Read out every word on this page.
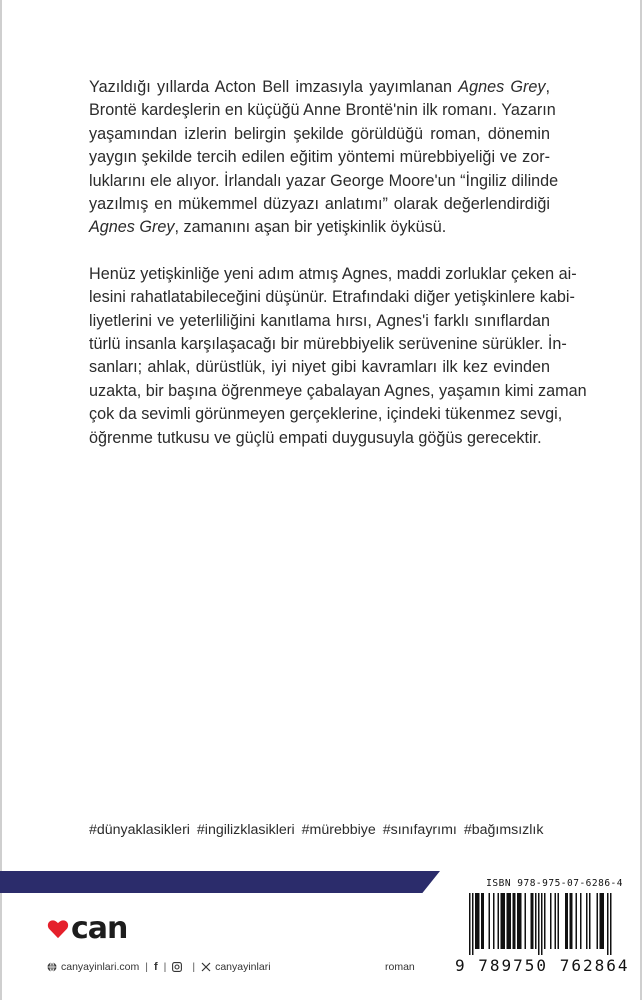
Yazıldığı yıllarda Acton Bell imzasıyla yayımlanan Agnes Grey,
Brontë kardeşlerin en küçüğü Anne Brontë'nin ilk romanı. Yazarın
yaşamından izlerin belirgin şekilde görüldüğü roman, dönemin
yaygın şekilde tercih edilen eğitim yöntemi mürebbiyeliği ve zor-
luklarını ele alıyor. İrlandalı yazar George Moore'un “İngiliz dilinde
yazılmış en mükemmel düzyazı anlatımı” olarak değerlendirdiği
Agnes Grey, zamanını aşan bir yetişkinlik öyküsü.

Henüz yetişkinliğe yeni adım atmış Agnes, maddi zorluklar çeken ai-
lesini rahatlatabileceğini düşünür. Etrafındaki diğer yetişkinlere kabi-
liyetlerini ve yeterliliğini kanıtlama hırsı, Agnes'i farklı sınıflardan
türlü insanla karşılaşacağı bir mürebbiyelik serüvenine sürükler. İn-
sanları; ahlak, dürüstlük, iyi niyet gibi kavramları ilk kez evinden
uzakta, bir başına öğrenmeye çabalayan Agnes, yaşamın kimi zaman
çok da sevimli görünmeyen gerçeklerine, içindeki tükenmez sevgi,
öğrenme tutkusu ve güçlü empati duygusuyla göğüs gerecektir.

#dünyaklasikleri #ingilizklasikleri #mürebbiye #sınıfayrımı #bağımsızlık
Kapak resmi: Richard Redgrave
can
canyayinlari.com | f | | canyayinlari	roman
ISBN 978-975-07-6286-4
9 789750 762864
